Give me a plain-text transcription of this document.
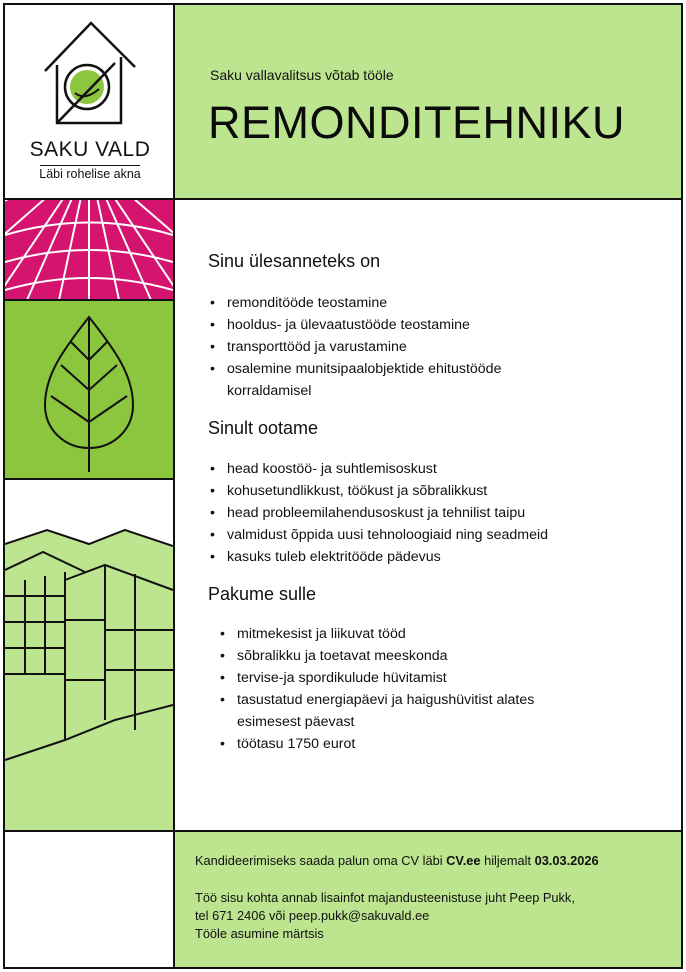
SAKU VALD
Läbi rohelise akna
Saku vallavalitsus võtab tööle
REMONDITEHNIKU
Sinu ülesanneteks on
• remonditööde teostamine
• hooldus- ja ülevaatustööde teostamine
• transporttööd ja varustamine
• osalemine munitsipaalobjektide ehitustööde
korraldamisel
Sinult ootame
• head koostöö- ja suhtlemisoskust
• kohusetundlikkust, töökust ja sõbralikkust
• head probleemilahendusoskust ja tehnilist taipu
• valmidust õppida uusi tehnoloogiaid ning seadmeid
• kasuks tuleb elektritööde pädevus
Pakume sulle
• mitmekesist ja liikuvat tööd
• sõbralikku ja toetavat meeskonda
• tervise-ja spordikulude hüvitamist
• tasustatud energiapäevi ja haigushüvitist alates
esimesest päevast
• töötasu 1750 eurot
Kandideerimiseks saada palun oma CV läbi CV.ee hiljemalt 03.03.2026
Töö sisu kohta annab lisainfot majandusteenistuse juht Peep Pukk,
tel 671 2406 või peep.pukk@sakuvald.ee
Tööle asumine märtsis
